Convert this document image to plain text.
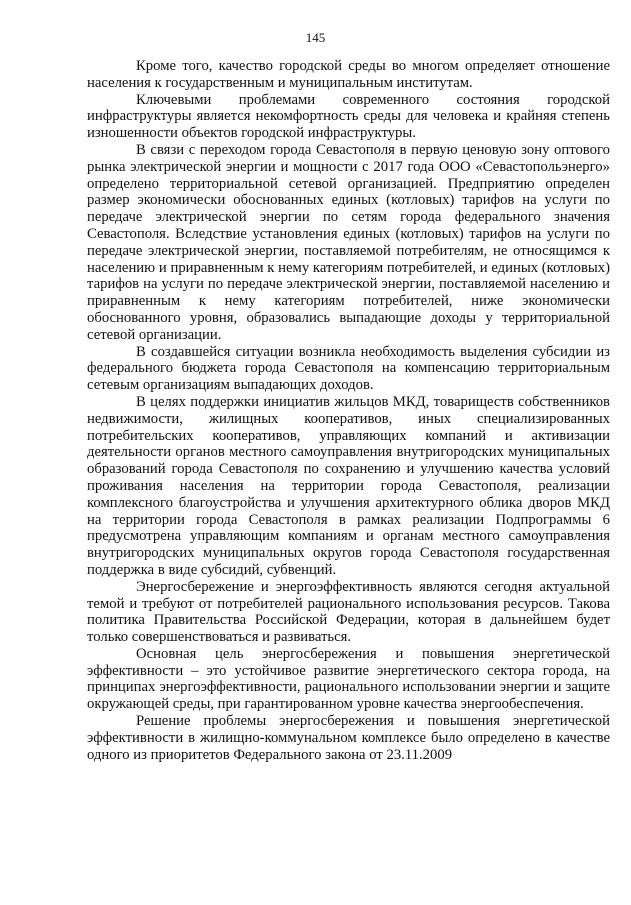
145

Кроме того, качество городской среды во многом определяет отношение населения к государственным и муниципальным институтам.

Ключевыми проблемами современного состояния городской инфраструктуры является некомфортность среды для человека и крайняя степень изношенности объектов городской инфраструктуры.

В связи с переходом города Севастополя в первую ценовую зону оптового рынка электрической энергии и мощности с 2017 года ООО «Севастопольэнерго» определено территориальной сетевой организацией. Предприятию определен размер экономически обоснованных единых (котловых) тарифов на услуги по передаче электрической энергии по сетям города федерального значения Севастополя. Вследствие установления единых (котловых) тарифов на услуги по передаче электрической энергии, поставляемой потребителям, не относящимся к населению и приравненным к нему категориям потребителей, и единых (котловых) тарифов на услуги по передаче электрической энергии, поставляемой населению и приравненным к нему категориям потребителей, ниже экономически обоснованного уровня, образовались выпадающие доходы у территориальной сетевой организации.

В создавшейся ситуации возникла необходимость выделения субсидии из федерального бюджета города Севастополя на компенсацию территориальным сетевым организациям выпадающих доходов.

В целях поддержки инициатив жильцов МКД, товариществ собственников недвижимости, жилищных кооперативов, иных специализированных потребительских кооперативов, управляющих компаний и активизации деятельности органов местного самоуправления внутригородских муниципальных образований города Севастополя по сохранению и улучшению качества условий проживания населения на территории города Севастополя, реализации комплексного благоустройства и улучшения архитектурного облика дворов МКД на территории города Севастополя в рамках реализации Подпрограммы 6 предусмотрена управляющим компаниям и органам местного самоуправления внутригородских муниципальных округов города Севастополя государственная поддержка в виде субсидий, субвенций.

Энергосбережение и энергоэффективность являются сегодня актуальной темой и требуют от потребителей рационального использования ресурсов. Такова политика Правительства Российской Федерации, которая в дальнейшем будет только совершенствоваться и развиваться.

Основная цель энергосбережения и повышения энергетической эффективности – это устойчивое развитие энергетического сектора города, на принципах энергоэффективности, рационального использовании энергии и защите окружающей среды, при гарантированном уровне качества энергообеспечения.

Решение проблемы энергосбережения и повышения энергетической эффективности в жилищно-коммунальном комплексе было определено в качестве одного из приоритетов Федерального закона от 23.11.2009
